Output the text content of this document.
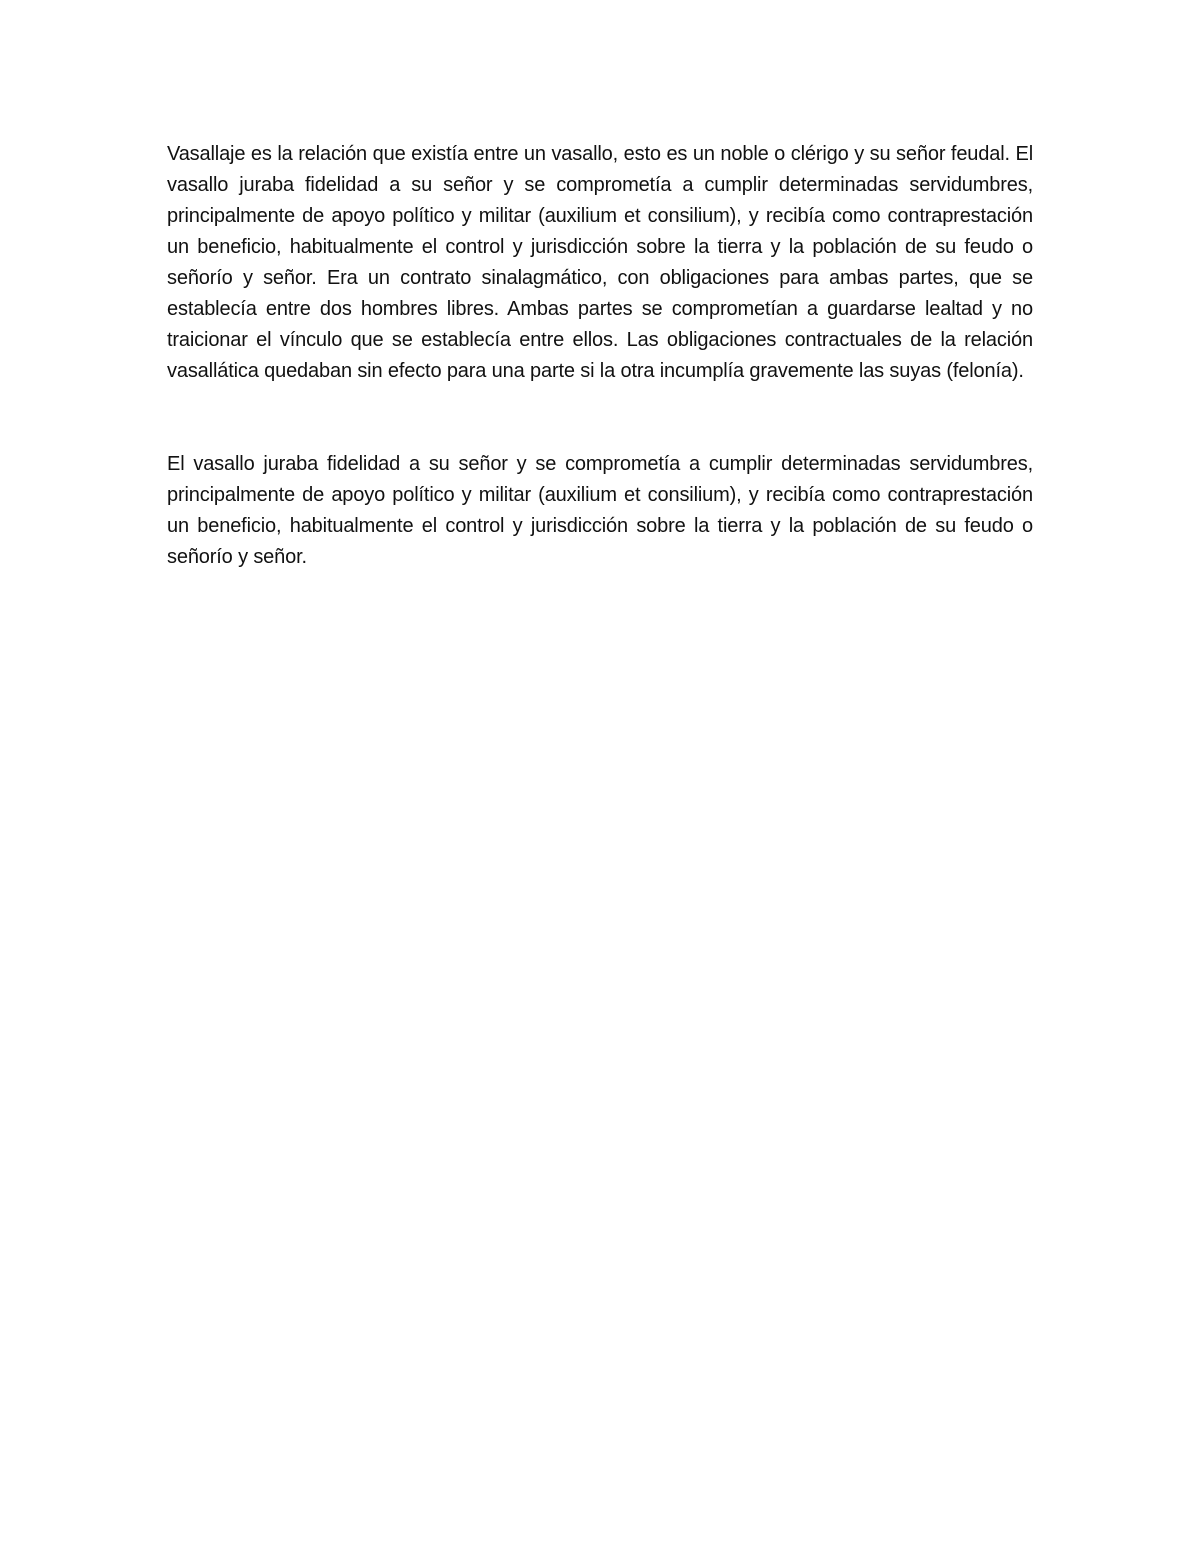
Vasallaje es la relación que existía entre un vasallo, esto es un noble o clérigo y su señor feudal. El vasallo juraba fidelidad a su señor y se comprometía a cumplir determinadas servidumbres, principalmente de apoyo político y militar (auxilium et consilium), y recibía como contraprestación un beneficio, habitualmente el control y jurisdicción sobre la tierra y la población de su feudo o señorío y señor. Era un contrato sinalagmático, con obligaciones para ambas partes, que se establecía entre dos hombres libres. Ambas partes se comprometían a guardarse lealtad y no traicionar el vínculo que se establecía entre ellos. Las obligaciones contractuales de la relación vasallática quedaban sin efecto para una parte si la otra incumplía gravemente las suyas (felonía).

El vasallo juraba fidelidad a su señor y se comprometía a cumplir determinadas servidumbres, principalmente de apoyo político y militar (auxilium et consilium), y recibía como contraprestación un beneficio, habitualmente el control y jurisdicción sobre la tierra y la población de su feudo o señorío y señor.
